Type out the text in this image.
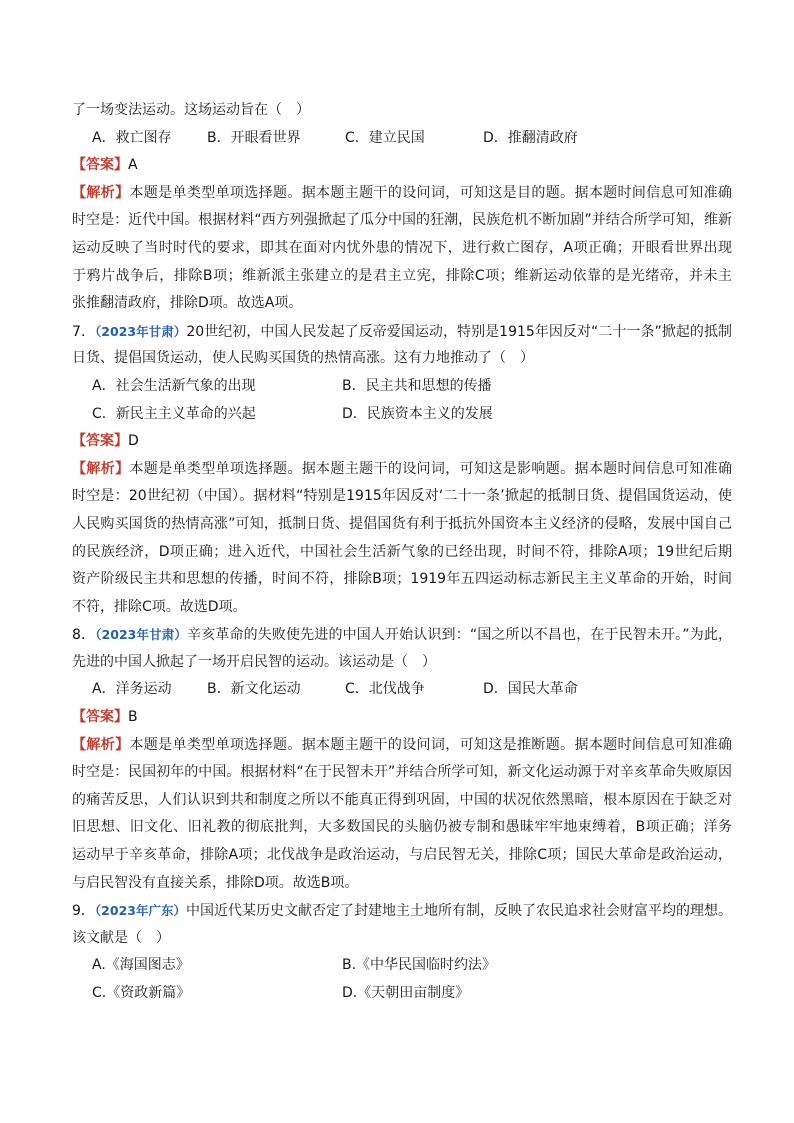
了一场变法运动。这场运动旨在（　）
A．救亡图存	B．开眼看世界	C．建立民国	D．推翻清政府
【答案】A
【解析】本题是单类型单项选择题。据本题主题干的设问词，可知这是目的题。据本题时间信息可知准确
时空是：近代中国。根据材料“西方列强掀起了瓜分中国的狂潮，民族危机不断加剧”并结合所学可知，维新
运动反映了当时时代的要求，即其在面对内忧外患的情况下，进行救亡图存，A项正确；开眼看世界出现
于鸦片战争后，排除B项；维新派主张建立的是君主立宪，排除C项；维新运动依靠的是光绪帝，并未主
张推翻清政府，排除D项。故选A项。
7．（2023年甘肃）20世纪初，中国人民发起了反帝爱国运动，特别是1915年因反对“二十一条”掀起的抵制
日货、提倡国货运动，使人民购买国货的热情高涨。这有力地推动了（　）
A．社会生活新气象的出现	B．民主共和思想的传播
C．新民主主义革命的兴起	D．民族资本主义的发展
【答案】D
【解析】本题是单类型单项选择题。据本题主题干的设问词，可知这是影响题。据本题时间信息可知准确
时空是：20世纪初（中国）。据材料“特别是1915年因反对‘二十一条’掀起的抵制日货、提倡国货运动，使
人民购买国货的热情高涨”可知，抵制日货、提倡国货有利于抵抗外国资本主义经济的侵略，发展中国自己
的民族经济，D项正确；进入近代，中国社会生活新气象的已经出现，时间不符，排除A项；19世纪后期
资产阶级民主共和思想的传播，时间不符，排除B项；1919年五四运动标志新民主主义革命的开始，时间
不符，排除C项。故选D项。
8．（2023年甘肃）辛亥革命的失败使先进的中国人开始认识到：“国之所以不昌也，在于民智未开。”为此，
先进的中国人掀起了一场开启民智的运动。该运动是（　）
A．洋务运动	B．新文化运动	C．北伐战争	D．国民大革命
【答案】B
【解析】本题是单类型单项选择题。据本题主题干的设问词，可知这是推断题。据本题时间信息可知准确
时空是：民国初年的中国。根据材料“在于民智未开”并结合所学可知，新文化运动源于对辛亥革命失败原因
的痛苦反思，人们认识到共和制度之所以不能真正得到巩固，中国的状况依然黑暗，根本原因在于缺乏对
旧思想、旧文化、旧礼教的彻底批判，大多数国民的头脑仍被专制和愚昧牢牢地束缚着，B项正确；洋务
运动早于辛亥革命，排除A项；北伐战争是政治运动，与启民智无关，排除C项；国民大革命是政治运动，
与启民智没有直接关系，排除D项。故选B项。
9．（2023年广东）中国近代某历史文献否定了封建地主土地所有制，反映了农民追求社会财富平均的理想。
该文献是（　）
A.《海国图志》	B.《中华民国临时约法》
C.《资政新篇》	D.《天朝田亩制度》
